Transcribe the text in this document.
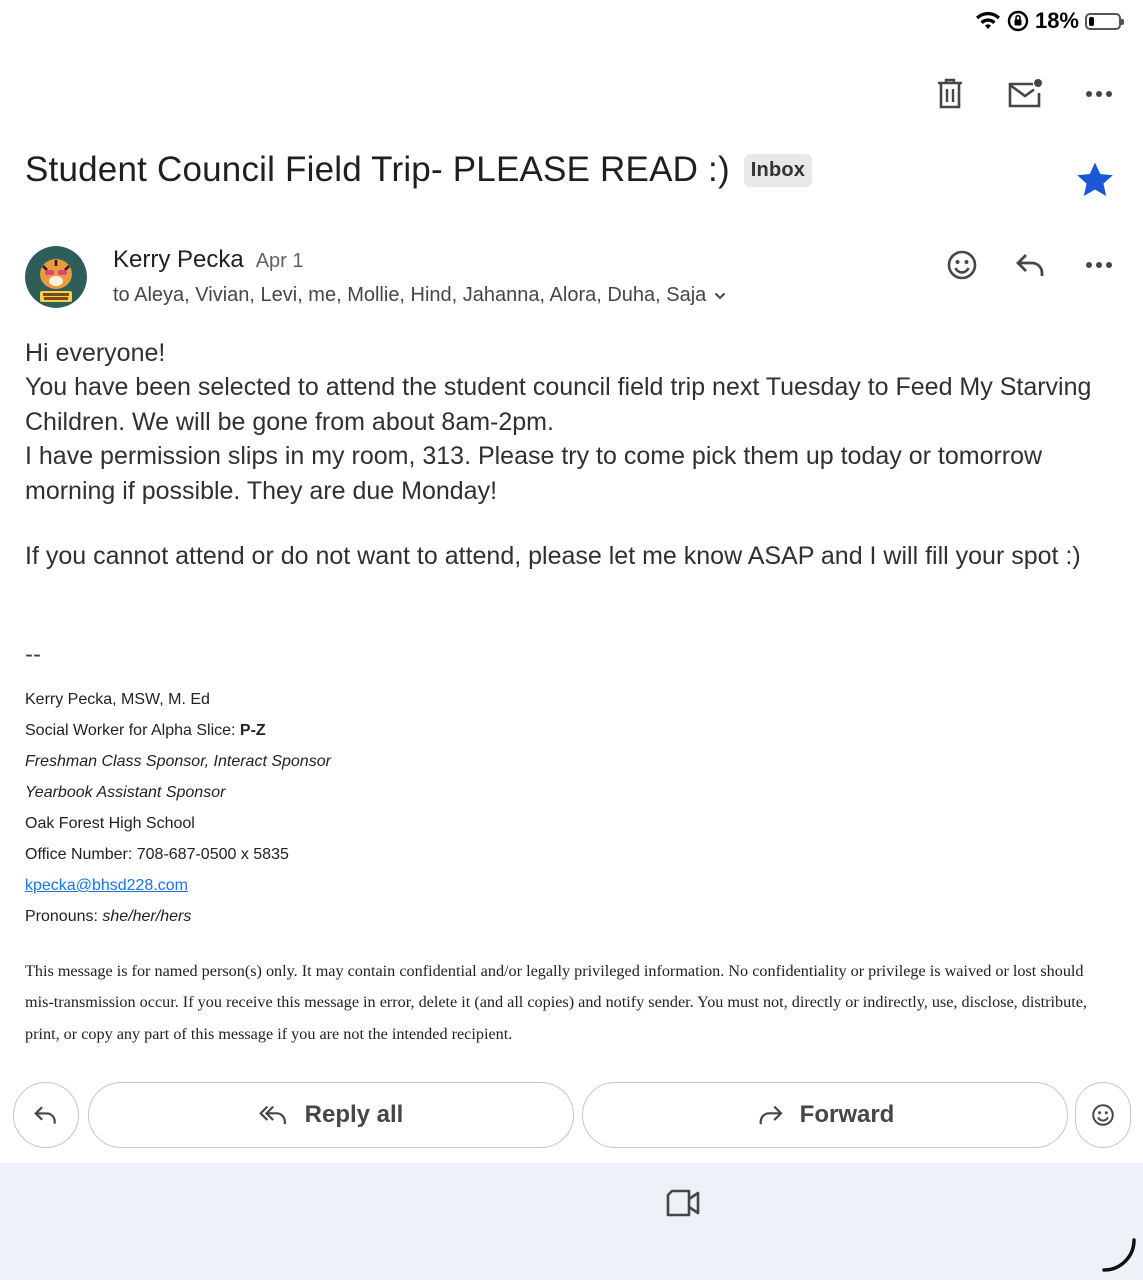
18%
Student Council Field Trip- PLEASE READ :)	Inbox
Kerry Pecka Apr 1
to Aleya, Vivian, Levi, me, Mollie, Hind, Jahanna, Alora, Duha, Saja

Hi everyone!

You have been selected to attend the student council field trip next Tuesday to Feed My Starving Children. We will be gone from about 8am-2pm.

I have permission slips in my room, 313. Please try to come pick them up today or tomorrow morning if possible. They are due Monday!

If you cannot attend or do not want to attend, please let me know ASAP and I will fill your spot :)

--
Kerry Pecka, MSW, M. Ed
Social Worker for Alpha Slice: P-Z
Freshman Class Sponsor, Interact Sponsor
Yearbook Assistant Sponsor
Oak Forest High School
Office Number: 708-687-0500 x 5835
kpecka@bhsd228.com
Pronouns: she/her/hers
This message is for named person(s) only. It may contain confidential and/or legally privileged information. No confidentiality or privilege is waived or lost should mis-transmission occur. If you receive this message in error, delete it (and all copies) and notify sender. You must not, directly or indirectly, use, disclose, distribute, print, or copy any part of this message if you are not the intended recipient.
Reply all	Forward
